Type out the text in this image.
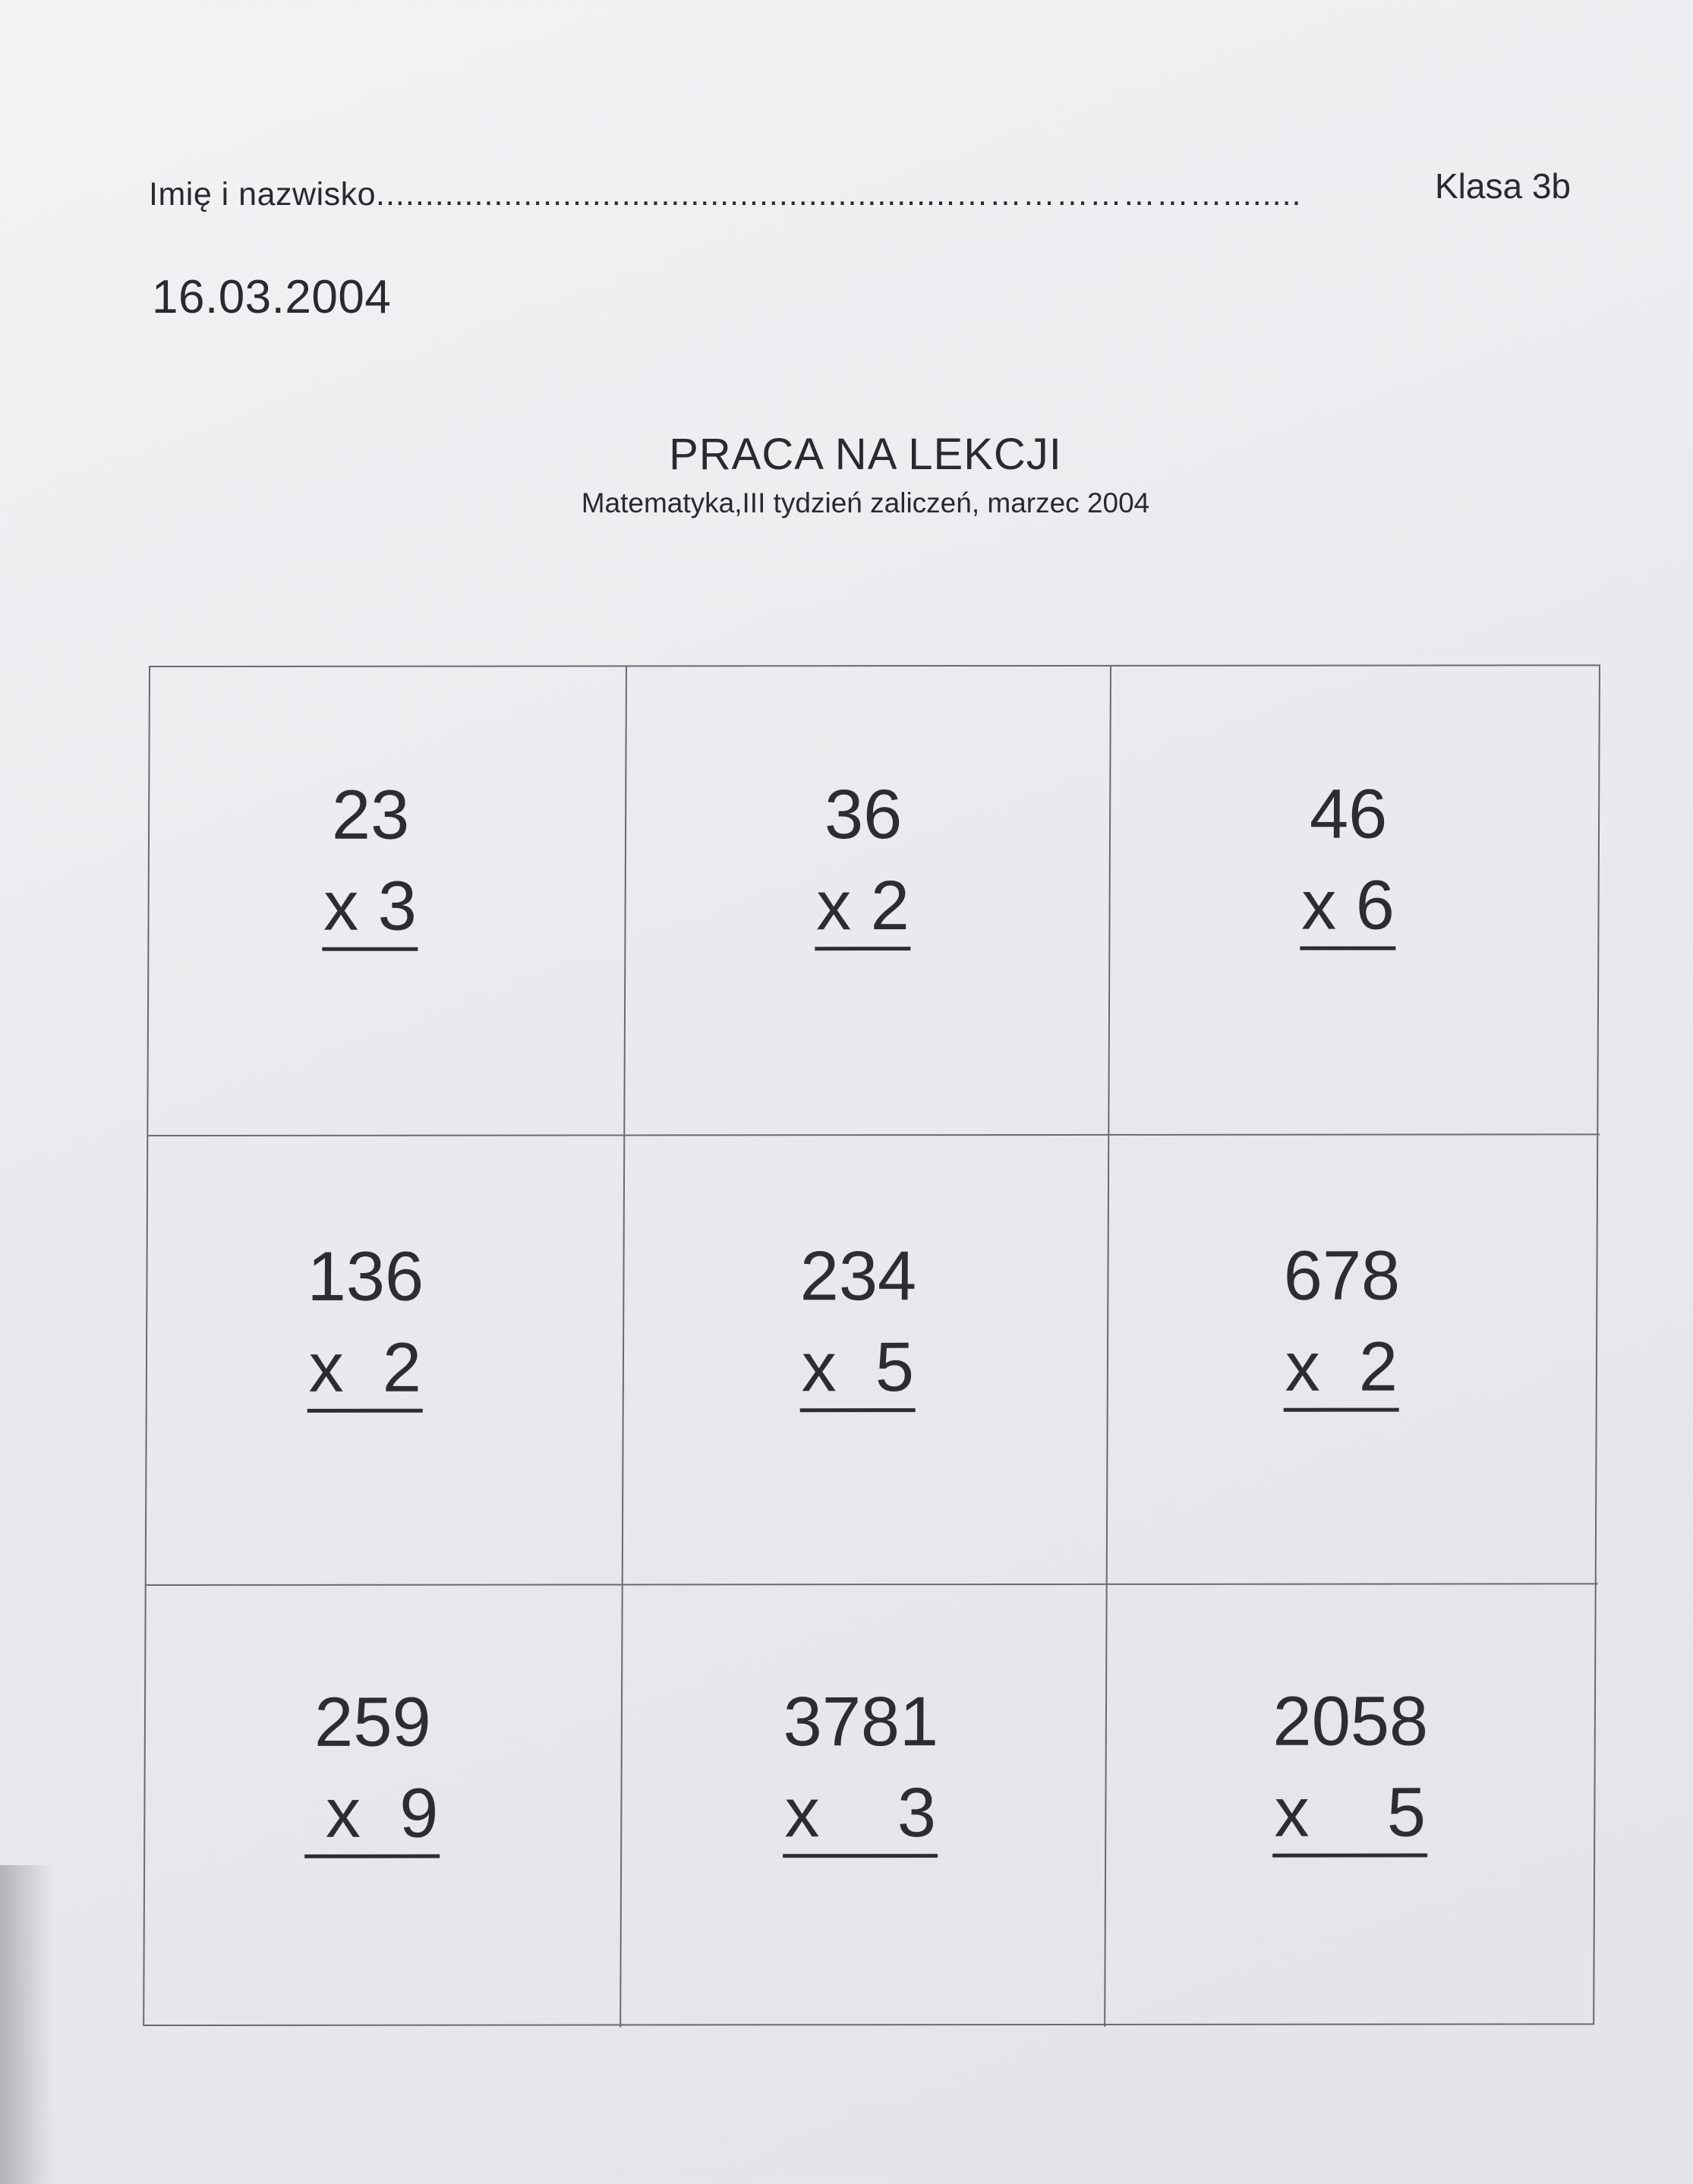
Imię i nazwisko...........................................................……………………........	Klasa 3b
16.03.2004
PRACA NA LEKCJI
Matematyka,III tydzień zaliczeń, marzec 2004
23
x 3
36
x 2
46
x 6
136
x  2
234
x  5
678
x  2
259
x  9
3781
x    3
2058
x    5
